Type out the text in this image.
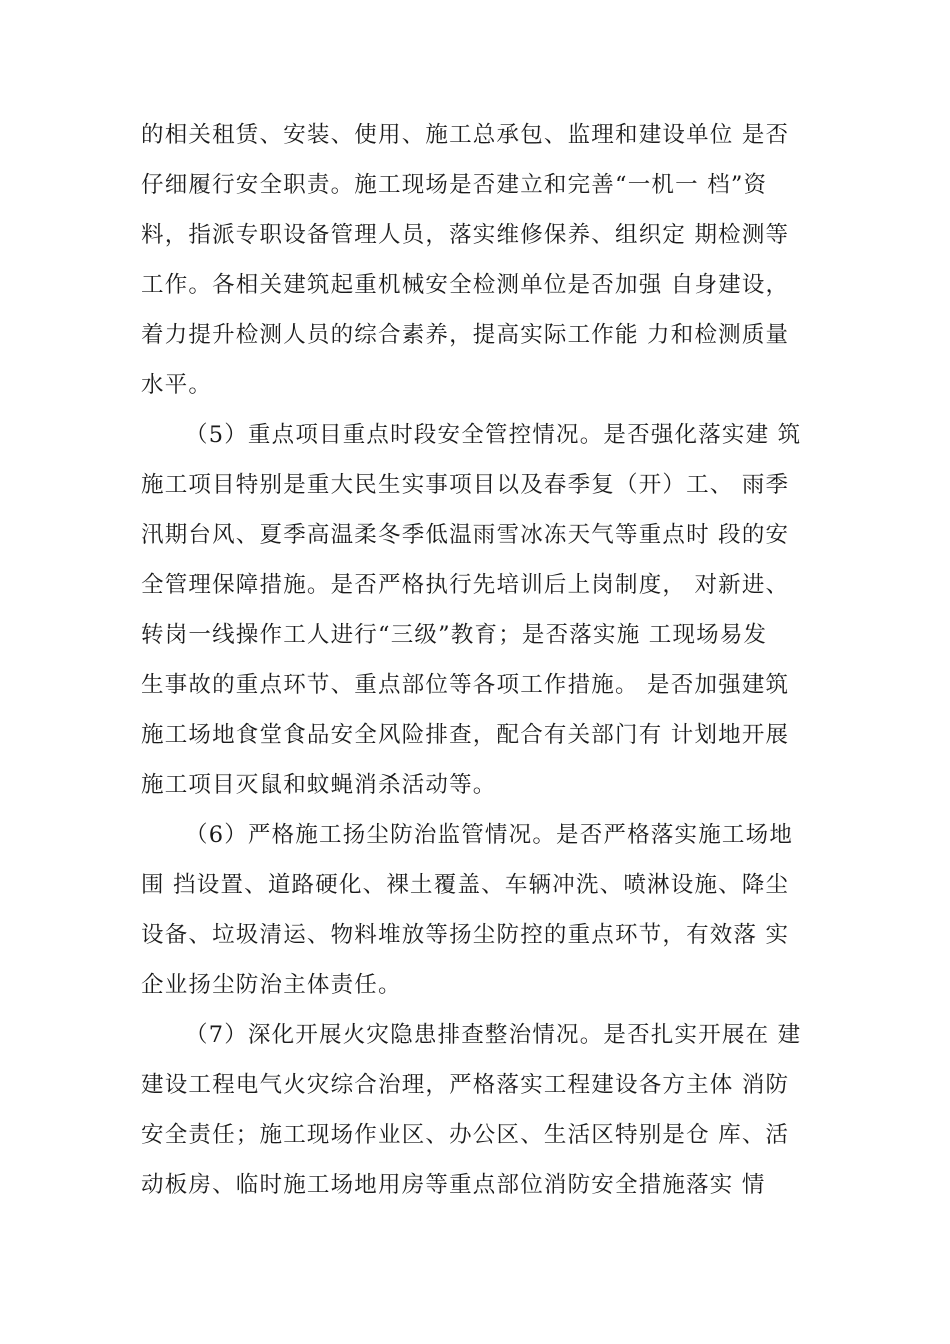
的相关租赁、安装、使用、施工总承包、监理和建设单位 是否
仔细履行安全职责。施工现场是否建立和完善“一机一 档”资
料，指派专职设备管理人员，落实维修保养、组织定 期检测等
工作。各相关建筑起重机械安全检测单位是否加强 自身建设，
着力提升检测人员的综合素养，提高实际工作能 力和检测质量
水平。
（5）重点项目重点时段安全管控情况。是否强化落实建 筑
施工项目特别是重大民生实事项目以及春季复（开）工、 雨季
汛期台风、夏季高温柔冬季低温雨雪冰冻天气等重点时 段的安
全管理保障措施。是否严格执行先培训后上岗制度， 对新进、
转岗一线操作工人进行“三级”教育；是否落实施 工现场易发
生事故的重点环节、重点部位等各项工作措施。 是否加强建筑
施工场地食堂食品安全风险排查，配合有关部门有 计划地开展
施工项目灭鼠和蚊蝇消杀活动等。
（6）严格施工扬尘防治监管情况。是否严格落实施工场地
围 挡设置、道路硬化、裸土覆盖、车辆冲洗、喷淋设施、降尘
设备、垃圾清运、物料堆放等扬尘防控的重点环节，有效落 实
企业扬尘防治主体责任。
（7）深化开展火灾隐患排查整治情况。是否扎实开展在 建
建设工程电气火灾综合治理，严格落实工程建设各方主体 消防
安全责任；施工现场作业区、办公区、生活区特别是仓 库、活
动板房、临时施工场地用房等重点部位消防安全措施落实 情
